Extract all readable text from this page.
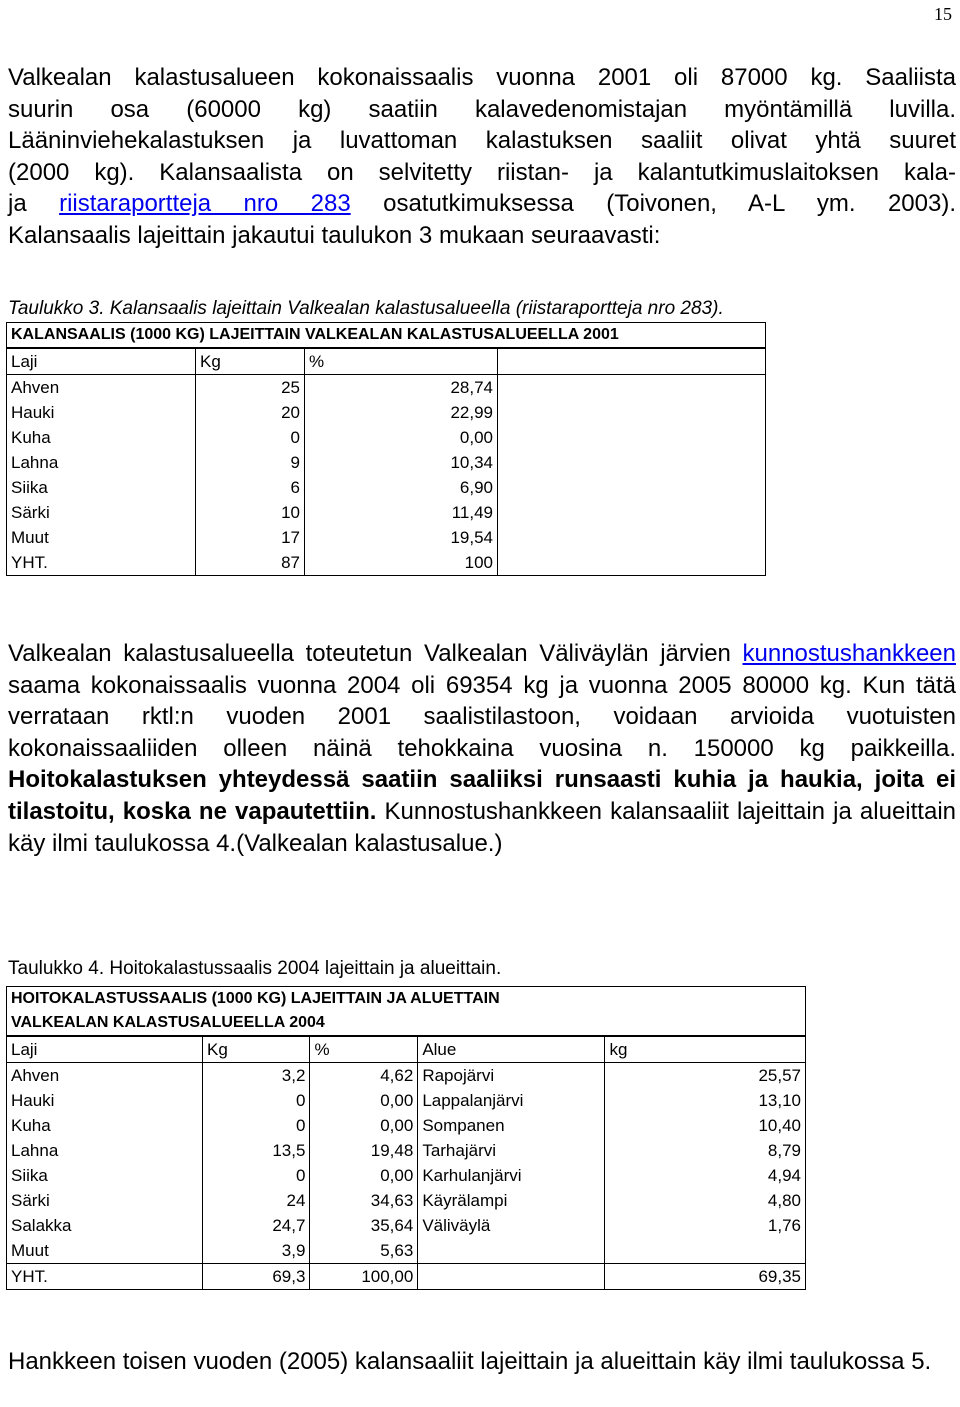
15
Valkealan kalastusalueen kokonaissaalis vuonna 2001 oli 87000 kg. Saaliista
suurin osa (60000 kg) saatiin kalavedenomistajan myöntämillä luvilla.
Lääninviehekalastuksen ja luvattoman kalastuksen saaliit olivat yhtä suuret
(2000 kg). Kalansaalista on selvitetty riistan- ja kalantutkimuslaitoksen kala-
ja riistaraportteja nro 283 osatutkimuksessa (Toivonen, A-L ym. 2003).
Kalansaalis lajeittain jakautui taulukon 3 mukaan seuraavasti:
Taulukko 3. Kalansaalis lajeittain Valkealan kalastusalueella (riistaraportteja nro 283).
KALANSAALIS (1000 KG) LAJEITTAIN VALKEALAN KALASTUSALUEELLA 2001			
Laji	Kg	%	
Ahven	25	28,74	
Hauki	20	22,99	
Kuha	0	0,00	
Lahna	9	10,34	
Siika	6	6,90	
Särki	10	11,49	
Muut	17	19,54	
YHT.	87	100	
Valkealan kalastusalueella toteutetun Valkealan Väliväylän järvien kunnostushankkeen saama kokonaissaalis vuonna 2004 oli 69354 kg ja vuonna 2005 80000 kg. Kun tätä verrataan rktl:n vuoden 2001 saalistilastoon, voidaan arvioida vuotuisten kokonaissaaliiden olleen näinä tehokkaina vuosina n. 150000 kg paikkeilla. Hoitokalastuksen yhteydessä saatiin saaliiksi runsaasti kuhia ja haukia, joita ei tilastoitu, koska ne vapautettiin. Kunnostushankkeen kalansaaliit lajeittain ja alueittain käy ilmi taulukossa 4.(Valkealan kalastusalue.)
Taulukko 4. Hoitokalastussaalis 2004 lajeittain ja alueittain.
HOITOKALASTUSSAALIS (1000 KG) LAJEITTAIN JA ALUETTAIN				
VALKEALAN KALASTUSALUEELLA 2004				
Laji	Kg	%	Alue	kg
Ahven	3,2	4,62	Rapojärvi	25,57
Hauki	0	0,00	Lappalanjärvi	13,10
Kuha	0	0,00	Sompanen	10,40
Lahna	13,5	19,48	Tarhajärvi	8,79
Siika	0	0,00	Karhulanjärvi	4,94
Särki	24	34,63	Käyrälampi	4,80
Salakka	24,7	35,64	Väliväylä	1,76
Muut	3,9	5,63		
YHT.	69,3	100,00		69,35
Hankkeen toisen vuoden (2005) kalansaaliit lajeittain ja alueittain käy ilmi taulukossa 5.
